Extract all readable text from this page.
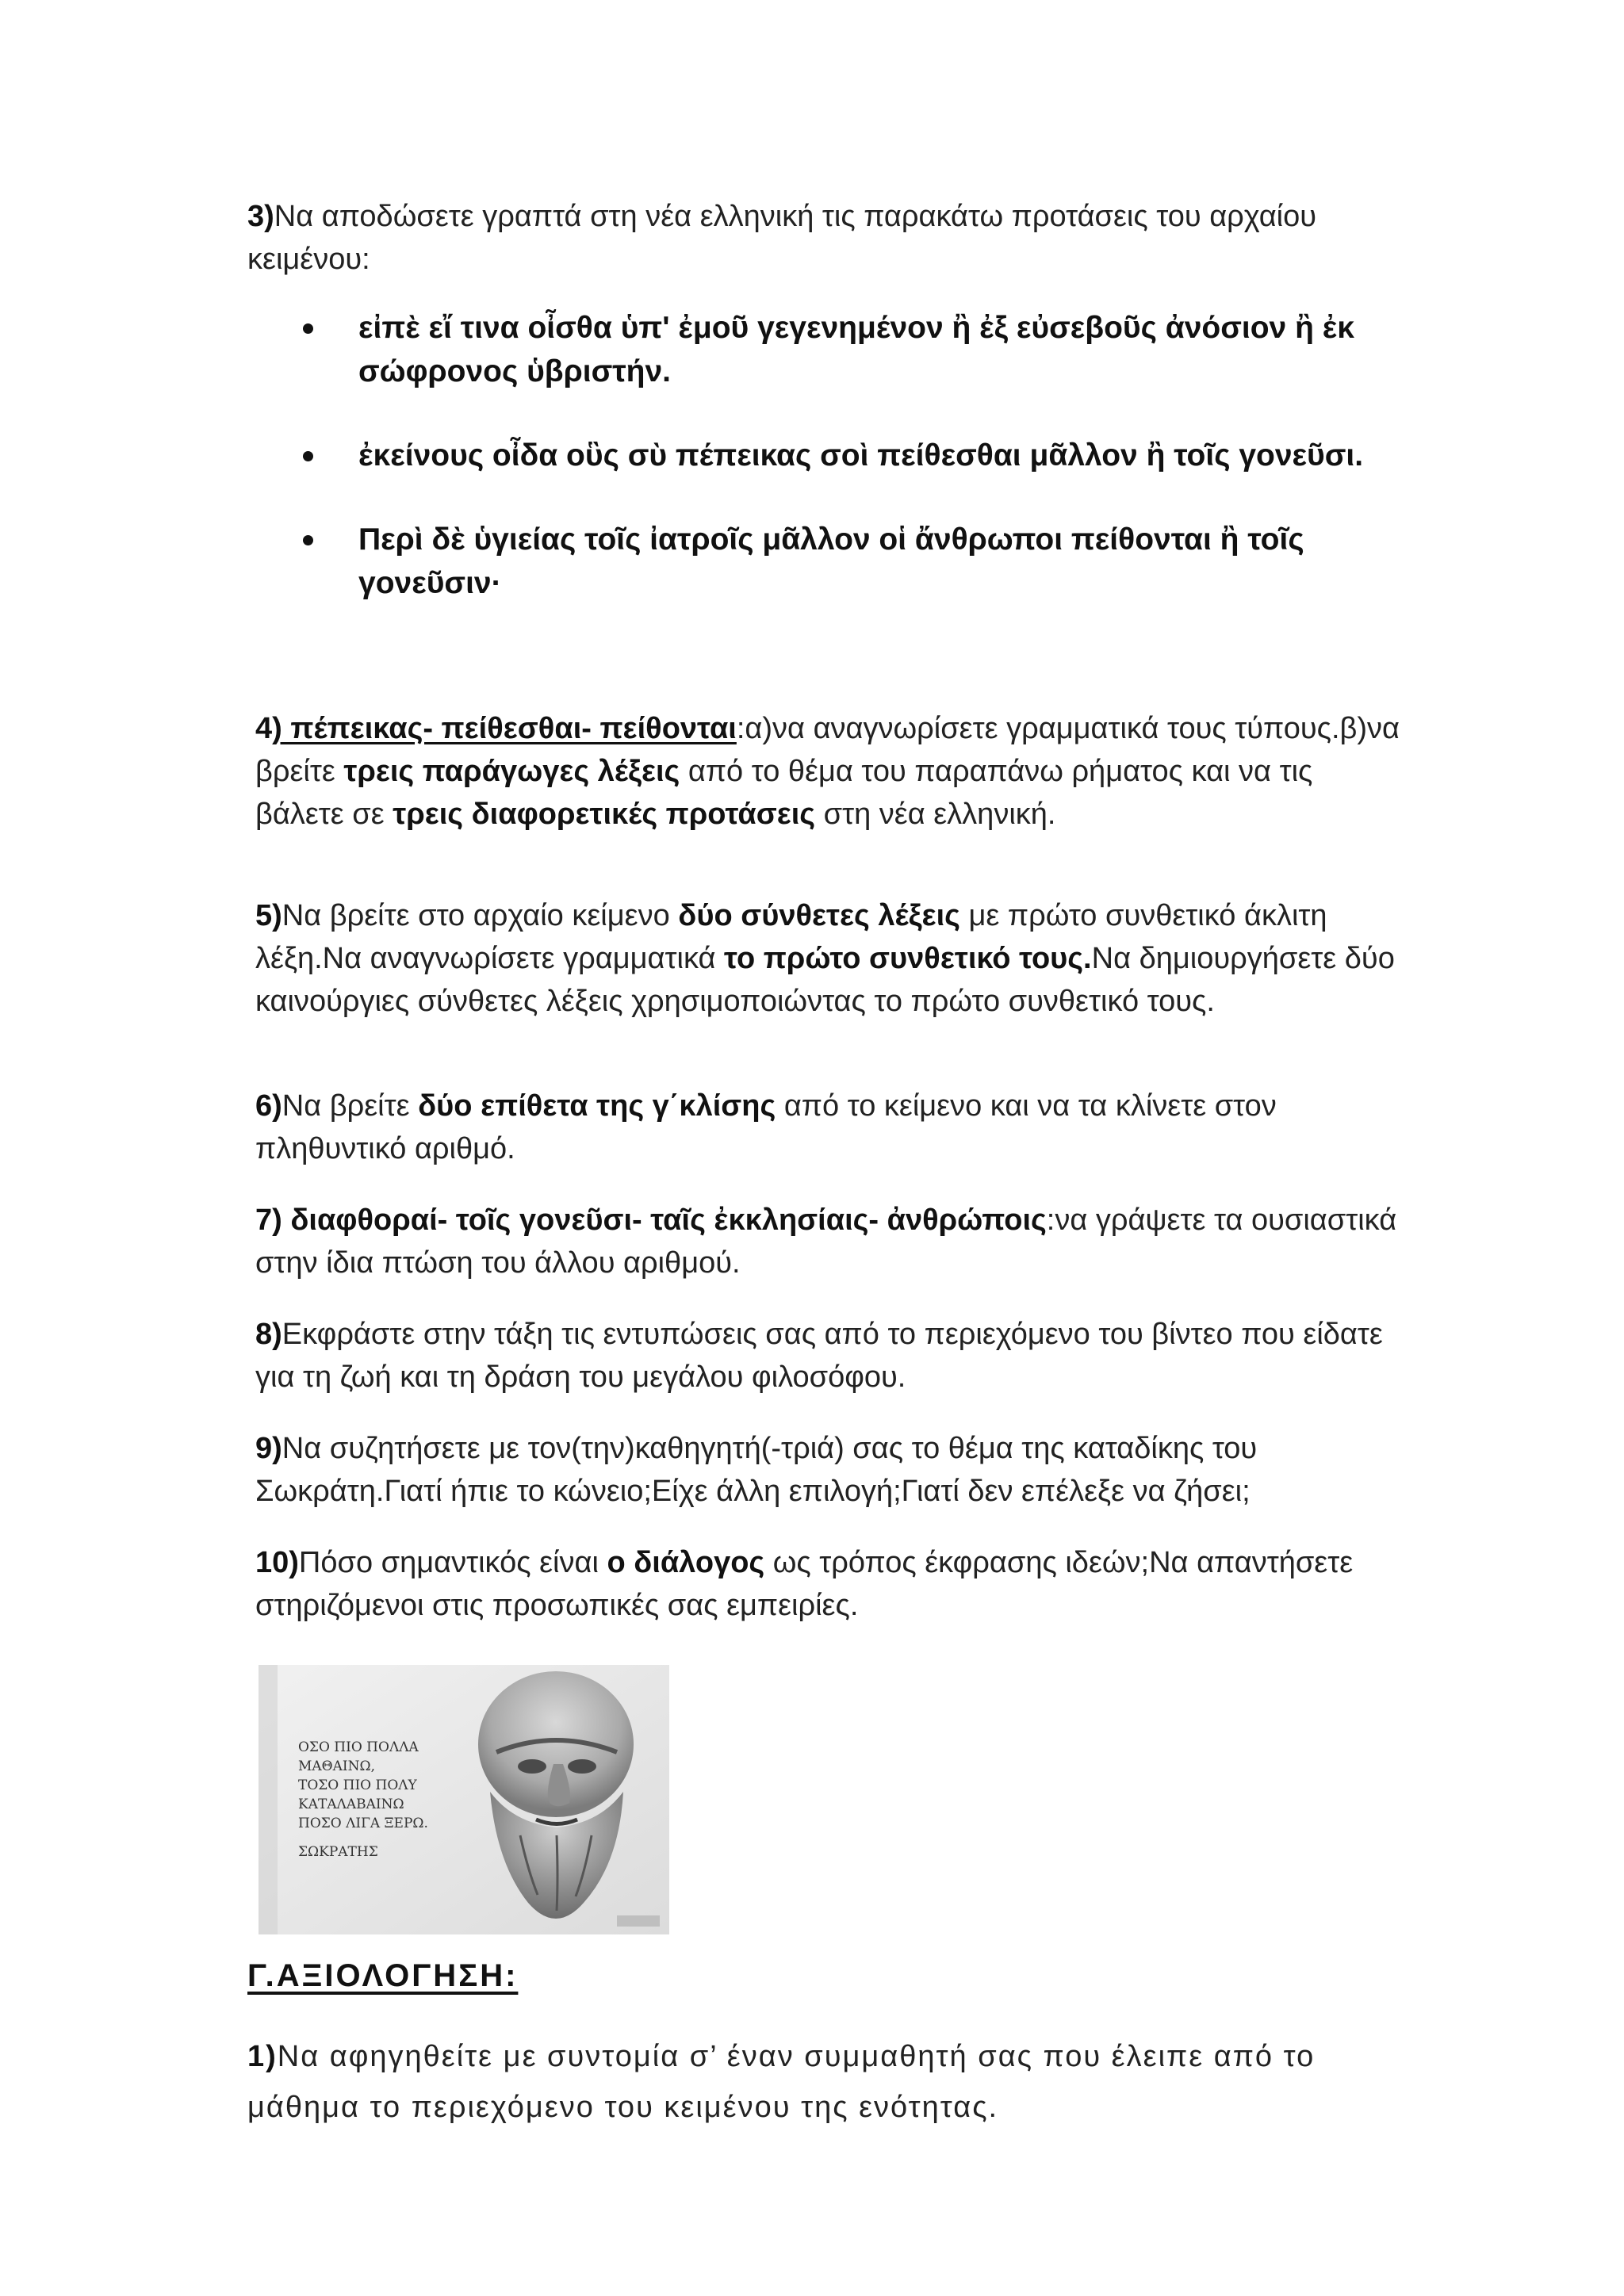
3)Να αποδώσετε γραπτά στη νέα ελληνική τις παρακάτω προτάσεις του αρχαίου κειμένου:

εἰπὲ εἴ τινα οἶσθα ὑπ' ἐμοῦ γεγενημένον ἢ ἐξ εὐσεβοῦς ἀνόσιον ἢ ἐκ σώφρονος ὑβριστήν.
ἐκείνους οἶδα οὓς σὺ πέπεικας σοὶ πείθεσθαι μᾶλλον ἢ τοῖς γονεῦσι.
Περὶ δὲ ὑγιείας τοῖς ἰατροῖς μᾶλλον οἱ ἄνθρωποι πείθονται ἢ τοῖς γονεῦσιν·

4) πέπεικας- πείθεσθαι- πείθονται:α)να αναγνωρίσετε γραμματικά τους τύπους.β)να βρείτε τρεις παράγωγες λέξεις από το θέμα του παραπάνω ρήματος και να τις βάλετε σε τρεις διαφορετικές προτάσεις στη νέα ελληνική.

5)Να βρείτε στο αρχαίο κείμενο δύο σύνθετες λέξεις με πρώτο συνθετικό άκλιτη λέξη.Να αναγνωρίσετε γραμματικά το πρώτο συνθετικό τους.Να δημιουργήσετε δύο καινούργιες σύνθετες λέξεις χρησιμοποιώντας το πρώτο συνθετικό τους.

6)Να βρείτε δύο επίθετα της γ΄κλίσης από το κείμενο και να τα κλίνετε στον πληθυντικό αριθμό.

7) διαφθοραί- τοῖς γονεῦσι- ταῖς ἐκκλησίαις- ἀνθρώποις:να γράψετε τα ουσιαστικά στην ίδια πτώση του άλλου αριθμού.

8)Εκφράστε στην τάξη τις εντυπώσεις σας από το περιεχόμενο του βίντεο που είδατε για τη ζωή και τη δράση του μεγάλου φιλοσόφου.

9)Να συζητήσετε με τον(την)καθηγητή(-τριά) σας το θέμα της καταδίκης του Σωκράτη.Γιατί ήπιε το κώνειο;Είχε άλλη επιλογή;Γιατί δεν επέλεξε να ζήσει;

10)Πόσο σημαντικός είναι ο διάλογος ως τρόπος έκφρασης ιδεών;Να απαντήσετε στηριζόμενοι στις προσωπικές σας εμπειρίες.

ΟΣΟ ΠΙΟ ΠΟΛΛΑ
ΜΑΘΑΙΝΩ,
ΤΟΣΟ ΠΙΟ ΠΟΛΥ
ΚΑΤΑΛΑΒΑΙΝΩ
ΠΟΣΟ ΛΙΓΑ ΞΕΡΩ.
ΣΩΚΡΑΤΗΣ
Γ.ΑΞΙΟΛΟΓΗΣΗ:

1)Να αφηγηθείτε με συντομία σ’ έναν συμμαθητή σας που έλειπε από το μάθημα το περιεχόμενο του κειμένου της ενότητας.
